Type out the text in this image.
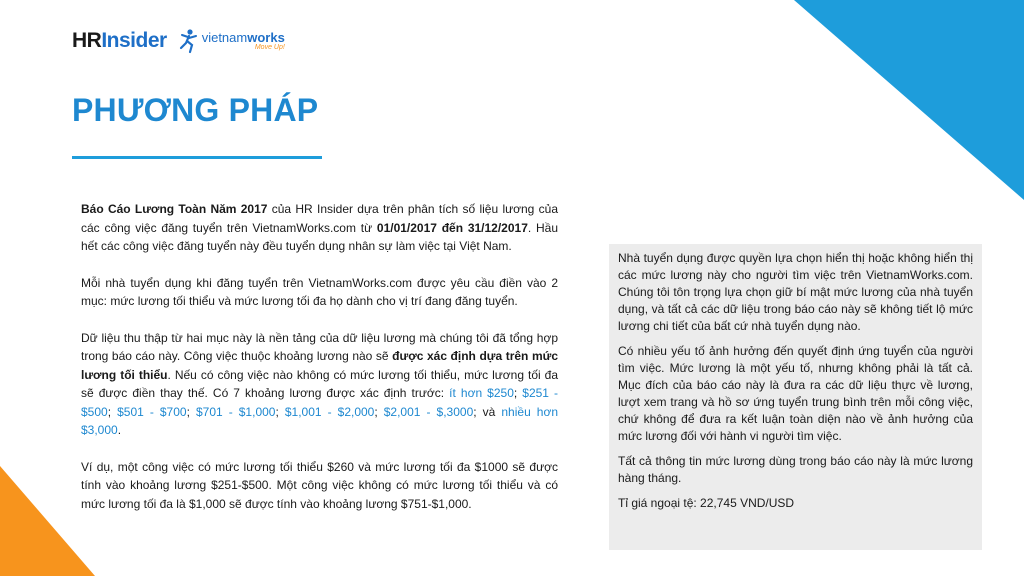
HRInsider	vietnamworks
Move Up!
PHƯƠNG PHÁP

Báo Cáo Lương Toàn Năm 2017 của HR Insider dựa trên phân tích số liệu lương của các công việc đăng tuyển trên VietnamWorks.com từ 01/01/2017 đến 31/12/2017. Hầu hết các công việc đăng tuyển này đều tuyển dụng nhân sự làm việc tại Việt Nam.

Mỗi nhà tuyển dụng khi đăng tuyển trên VietnamWorks.com được yêu cầu điền vào 2 mục: mức lương tối thiểu và mức lương tối đa họ dành cho vị trí đang đăng tuyển.

Dữ liệu thu thập từ hai mục này là nền tảng của dữ liệu lương mà chúng tôi đã tổng hợp trong báo cáo này. Công việc thuộc khoảng lương nào sẽ được xác định dựa trên mức lương tối thiểu. Nếu có công việc nào không có mức lương tối thiểu, mức lương tối đa sẽ được điền thay thế. Có 7 khoảng lương được xác định trước: ít hơn $250; $251 - $500; $501 - $700; $701 - $1,000; $1,001 - $2,000; $2,001 - $,3000; và nhiều hơn $3,000.

Ví dụ, một công việc có mức lương tối thiểu $260 và mức lương tối đa $1000 sẽ được tính vào khoảng lương $251-$500. Một công việc không có mức lương tối thiểu và có mức lương tối đa là $1,000 sẽ được tính vào khoảng lương $751-$1,000.

Nhà tuyển dụng được quyền lựa chọn hiển thị hoặc không hiển thị các mức lương này cho người tìm việc trên VietnamWorks.com. Chúng tôi tôn trọng lựa chọn giữ bí mật mức lương của nhà tuyển dụng, và tất cả các dữ liệu trong báo cáo này sẽ không tiết lộ mức lương chi tiết của bất cứ nhà tuyển dụng nào.

Có nhiều yếu tố ảnh hưởng đến quyết định ứng tuyển của người tìm việc. Mức lương là một yếu tố, nhưng không phải là tất cả. Mục đích của báo cáo này là đưa ra các dữ liệu thực về lương, lượt xem trang và hồ sơ ứng tuyển trung bình trên mỗi công việc, chứ không để đưa ra kết luận toàn diện nào về ảnh hưởng của mức lương đối với hành vi người tìm việc.

Tất cả thông tin mức lương dùng trong báo cáo này là mức lương hàng tháng.

Tỉ giá ngoại tệ: 22,745 VND/USD
